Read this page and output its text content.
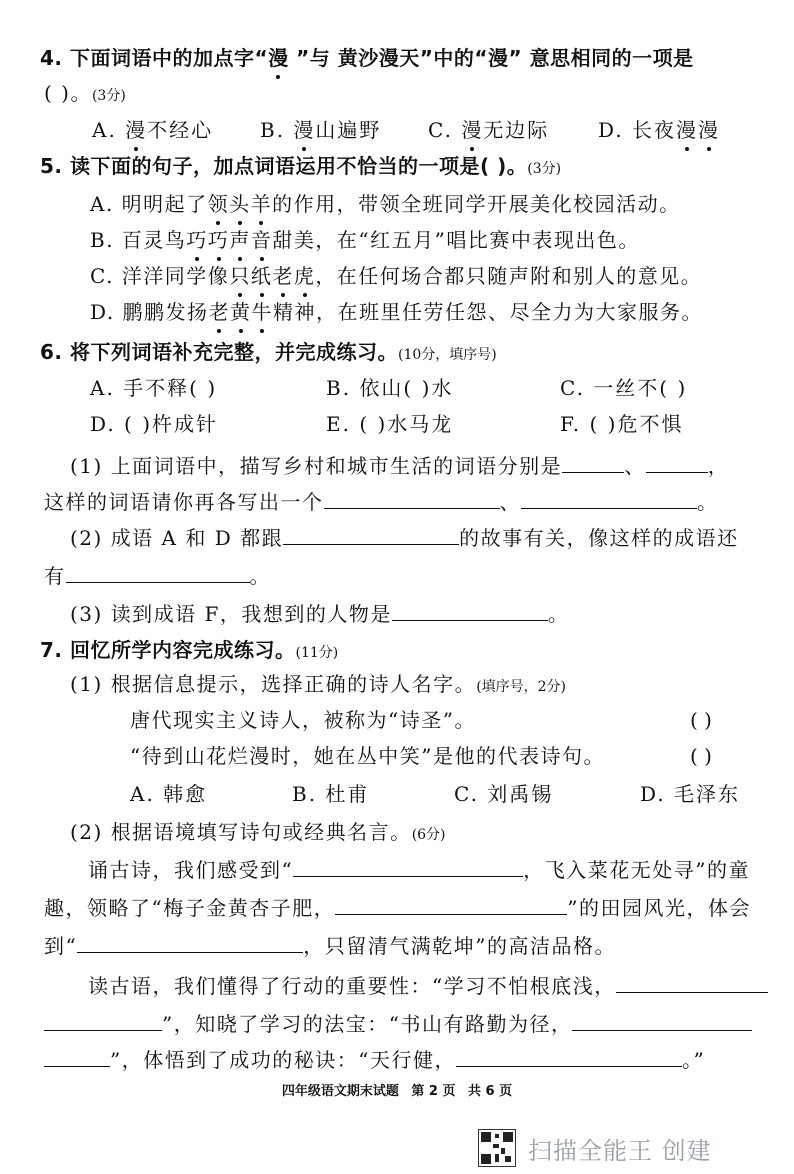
4. 下面词语中的加点字“漫 ”与 黄沙漫天”中的“漫” 意思相同的一项是
( )。(3分)
A. 漫不经心 B. 漫山遍野 C. 漫无边际 D. 长夜漫漫
5. 读下面的句子，加点词语运用不恰当的一项是( )。(3分)
A. 明明起了领头羊的作用，带领全班同学开展美化校园活动。
B. 百灵鸟巧巧声音甜美，在“红五月”唱比赛中表现出色。
C. 洋洋同学像只纸老虎，在任何场合都只随声附和别人的意见。
D. 鹏鹏发扬老黄牛精神，在班里任劳任怨、尽全力为大家服务。
6. 将下列词语补充完整，并完成练习。(10分，填序号)
A. 手不释( )	B. 依山( )水	C. 一丝不( )
D. ( )杵成针	E. ( )水马龙	F. ( )危不惧
(1) 上面词语中，描写乡村和城市生活的词语分别是	、	，
这样的词语请你再各写出一个	、	。
(2) 成语 A 和 D 都跟	的故事有关，像这样的成语还
有	。
(3) 读到成语 F，我想到的人物是	。
7. 回忆所学内容完成练习。(11分)
(1) 根据信息提示，选择正确的诗人名字。(填序号，2分)
唐代现实主义诗人，被称为“诗圣”。	( )
“待到山花烂漫时，她在丛中笑”是他的代表诗句。	( )
A. 韩愈	B. 杜甫	C. 刘禹锡	D. 毛泽东
(2) 根据语境填写诗句或经典名言。(6分)
诵古诗，我们感受到“	，飞入菜花无处寻”的童
趣，领略了“梅子金黄杏子肥，	”的田园风光，体会
到“	，只留清气满乾坤”的高洁品格。
读古语，我们懂得了行动的重要性：“学习不怕根底浅，
”，知晓了学习的法宝：“书山有路勤为径，
”，体悟到了成功的秘诀：“天行健，	。”
四年级语文期末试题 第 2 页 共 6 页
扫描全能王 创建
